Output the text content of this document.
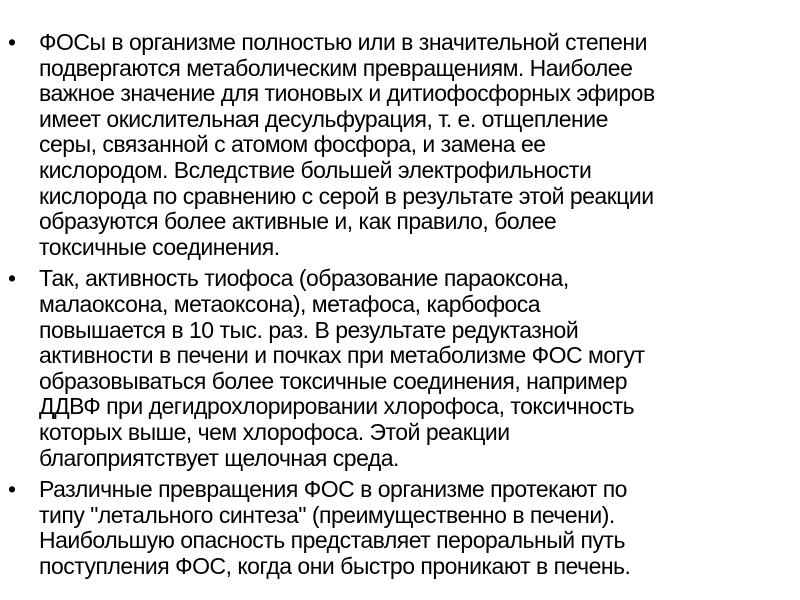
• ФОСы в организме полностью или в значительной степени
подвергаются метаболическим превращениям. Наиболее
важное значение для тионовых и дитиофосфорных эфиров
имеет окислительная десульфурация, т. е. отщепление
серы, связанной с атомом фосфора, и замена ее
кислородом. Вследствие большей электрофильности
кислорода по сравнению с серой в результате этой реакции
образуются более активные и, как правило, более
токсичные соединения.
• Так, активность тиофоса (образование параоксона,
малаоксона, метаоксона), метафоса, карбофоса
повышается в 10 тыс. раз. В результате редуктазной
активности в печени и почках при метаболизме ФОС могут
образовываться более токсичные соединения, например
ДДВФ при дегидрохлорировании хлорофоса, токсичность
которых выше, чем хлорофоса. Этой реакции
благоприятствует щелочная среда.
• Различные превращения ФОС в организме протекают по
типу "летального синтеза" (преимущественно в печени).
Наибольшую опасность представляет пероральный путь
поступления ФОС, когда они быстро проникают в печень.
